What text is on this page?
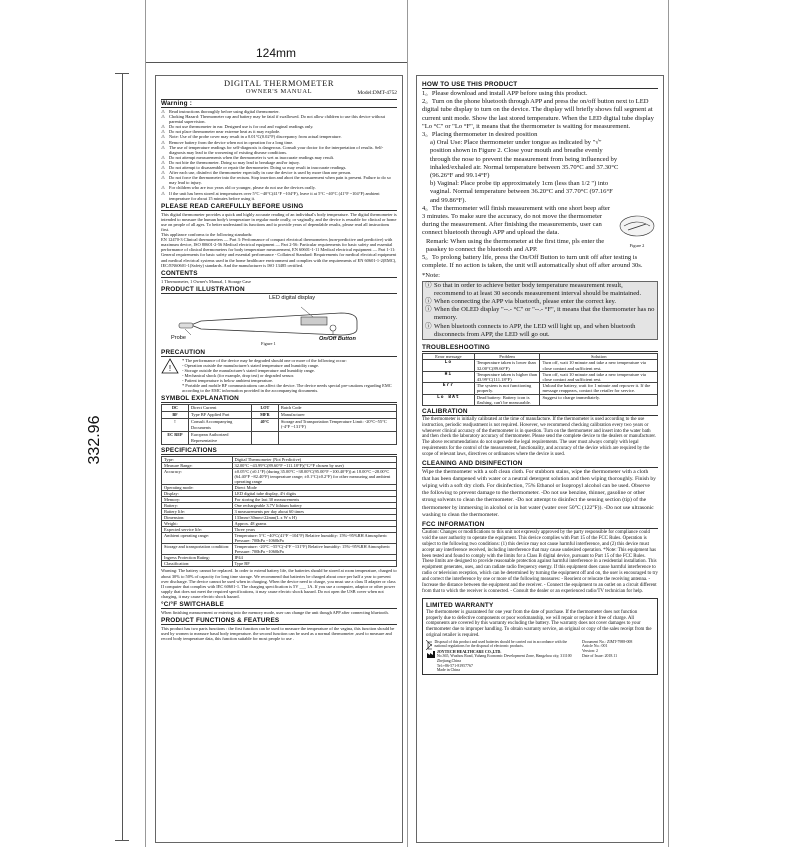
124mm
332.96
DIGITAL THERMOMETER
OWNER'S MANUAL	Model:DMT-4752
Warning :
⚠ Read instructions thoroughly before using digital thermometer.
⚠ Choking Hazard: Thermometer cap and battery may be fatal if swallowed. Do not allow children to use this device without parental supervision.
⚠ Do not use thermometer in ear. Designed use is for oral and vaginal readings only.
⚠ Do not place thermometer near extreme heat as it may explode.
⚠ Note: Use of the probe cover may result in a 0.01°C(0.02°F) discrepancy from actual temperature.
⚠ Remove battery from the device when not in operation for a long time.
⚠ The use of temperature readings for self-diagnosis is dangerous. Consult your doctor for the interpretation of results. Self-diagnosis may lead to the worsening of existing disease conditions.
⚠ Do not attempt measurements when the thermometer is wet as inaccurate readings may result.
⚠ Do not bite the thermometer. Doing so may lead to breakage and/or injury.
⚠ Do not attempt to disassemble or repair the thermometer. Doing so may result in inaccurate readings.
⚠ After each use, disinfect the thermometer especially in case the device is used by more than one person.
⚠ Do not force the thermometer into the rectum. Stop insertion and abort the measurement when pain is present. Failure to do so may lead to injury.
⚠ For children who are two years old or younger, please do not use the devices orally.
⚠ If the unit has been stored at temperatures over 5°C ~40°C(41°F ~104°F), leave it at 5°C ~40°C (41°F ~104°F) ambient temperature for about 15 minutes before using it.
PLEASE READ CAREFULLY BEFORE USING
This digital thermometer provides a quick and highly accurate reading of an individual's body temperature. The digital thermometer is intended to measure the human body's temperature in regular mode orally, or vaginally, and the device is reusable for clinical or home use on people of all ages. To better understand its functions and to provide years of dependable results, please read all instructions first.
This appliance conforms to the following standards:
EN 12470-3 Clinical thermometers — Part 3: Performance of compact electrical thermometers (non-predictive and predictive) with maximum device, ISO 80601-2-56 Medical electrical equipment — Part 2-56: Particular requirements for basic safety and essential performance of clinical thermometers for body temperature measurement, EN 60601-1-11 Medical electrical equipment — Part 1-11: General requirements for basic safety and essential performance - Collateral Standard: Requirements for medical electrical equipment and medical electrical systems used in the home healthcare environment and complies with the requirements of EN 60601-1-2(EMC), IEC/EN60601-1(Safety) standards. And the manufacturer is ISO 13485 certified.
CONTENTS
1 Thermometer, 1 Owner's Manual, 1 Storage Case
PRODUCT ILLUSTRATION
LED digital display
Probe	On/Off Button
Figure 1
PRECAUTION
!
* The performance of the device may be degraded should one or more of the following occur:
- Operation outside the manufacturer's stated temperature and humidity range.
- Storage outside the manufacturer's stated temperature and humidity range.
- Mechanical shock (for example, drop test) or degraded sensor.
- Patient temperature is below ambient temperature.
* Portable and mobile RF communications can affect the device. The device needs special pre-cautions regarding EMC according to the EMC information provided in the accompanying documents.
SYMBOL EXPLANATION
DC	Direct Current	LOT	Batch Code
BF	Type BF Applied Part	MFR	Manufacturer
!	Consult Accompanying Documents	40°C	Storage and Transportation Temperature Limit: -20°C~55°C (-4°F ~131°F)
EC REP	European Authorized Representative		
SPECIFICATIONS
Type:	Digital Thermometer (Not Predictive)
Measure Range:	32.00°C ~43.99°C(89.60°F ~111.18°F)(°C/°F chosen by user)
Accuracy:	±0.05°C (±0.1°F) (during 35.00°C ~38.00°C(95.00°F ~100.40°F)) at 18.00°C ~28.00°C (64.40°F ~82.40°F) temperature range; ±0.1°C(±0.2°F) for other measuring and ambient operating range
Operating mode:	Direct Mode
Display:	LED digital tube display, 4½ digits
Memory:	For storing the last 30 measurements
Battery:	One rechargeable 3.7V lithium battery
Battery life:	3 measurements per day about 60 times
Dimension:	133mm×30mm×22mm(L x W x H)
Weight:	Approx. 48 grams
Expected service life:	Three years
Ambient operating range:	Temperature: 5°C ~40°C(41°F ~104°F) Relative humidity: 15%~95%RH Atmospheric Pressure: 700hPa ~1060hPa
Storage and transportation condition:	Temperature: -20°C ~55°C(-4°F ~131°F) Relative humidity: 15%~95%RH Atmospheric Pressure: 700hPa ~1060hPa
Ingress Protection Rating:	IP44
Classification:	Type BF
Warning: The battery cannot be replaced. In order to extend battery life, the batteries should be stored at room temperature, charged to about 30% to 50% of capacity for long time storage. We recommend that batteries be charged about once per half a year to prevent over discharge. The device cannot be used when in charging. When the device need to charge, you must use a class II adapter or class II computer that complies with IEC 60601-1. The charging specification is 5V ___ 1A. If you use a computer, adaptor or other power supply that does not meet the required specifications, it may cause electric shock hazard. Do not open the USB cover when not charging, it may cause electric shock hazard.
°C/°F SWITCHABLE
When finishing measurement or entering into the memory mode, user can change the unit though APP after connecting bluetooth.
PRODUCT FUNCTIONS & FEATURES
This product has two parts functions : the first function can be used to measure the temperature of the vagina, this function should be used by women to measure basal body temperature. the second function can be used as a normal thermometer ,used to measure and record body temperature data, this function suitable for most people to use .
HOW TO USE THIS PRODUCT
1。Please download and install APP before using this product.
2。Turn on the phone bluetooth through APP and press the on/off button next to LED digital tube display to turn on the device. The display will briefly shows full segment at current unit mode. Show the last stored temperature. When the LED digital tube display "Lo °C" or "Lo °F", it means that the thermometer is waiting for measurement.
3。Placing thermometer in desired position
a) Oral Use: Place thermometer under tongue as indicated by "√" position shown in Figure 2. Close your mouth and breathe evenly through the nose to prevent the measurement from being influenced by inhaled/exhaled air. Normal temperature between 35.70°C and 37.30°C (96.26°F and 99.14°F)
b) Vaginal: Place probe tip approximately 1cm (less than 1/2 ") into vaginal. Normal temperature between 36.20°C and 37.70°C (97.16°F and 99.86°F).
4。The thermometer will finish measurement with one short beep after 3 minutes. To make sure the accuracy, do not move the thermometer during the measurement. After finishing the measurements, user can connect bluetooth through APP and upload the data.
Remark: When using the thermometer at the first time, pls enter the passkey to connect the bluetooth and APP.
5。To prolong battery life, press the On/Off Button to turn unit off after testing is complete. If no action is taken, the unit will automatically shut off after around 30s.
Figure 2
*Note:
ⓘ So that in order to achieve better body temperature measurement result, recommend to at least 30 seconds measurement interval should be maintained.
ⓘ When connecting the APP via bluetooth, please enter the correct key.
ⓘ When the OLED display "--.- °C" or "--.- °F", it means that the thermometer has no memory.
ⓘ When bluetooth connects to APP, the LED will light up, and when bluetooth disconnects from APP, the LED will go out.
TROUBLESHOOTING
Error message	Problem	Solution
Lo	Temperature taken is lower than 32.00°C(89.60°F)	Turn off, wait 10 minute and take a new temperature via close contact and sufficient rest.
Hi	Temperature taken is higher than 43.99°C(111.18°F)	Turn off, wait 10 minute and take a new temperature via close contact and sufficient rest.
Err	The system is not functioning properly.	Unload the battery, wait for 1 minute and repower it. If the message reappears, contact the retailer for service.
Lo BAt	Dead battery: Battery icon is flashing, can't be measurable.	Suggest to charge immediately.
CALIBRATION
The thermometer is initially calibrated at the time of manufacture. If the thermometer is used according to the use instruction, periodic readjustment is not required. However, we recommend checking calibration every two years or whenever clinical accuracy of the thermometer is in question. Turn on the thermometer and insert into the water bath and then check the laboratory accuracy of thermometer. Please send the complete device to the dealers or manufacturer. The above recommendations do not supersede the legal requirements. The user must always comply with legal requirements for the control of the measurement, functionality, and accuracy of the device which are required by the scope of relevant laws, directives or ordinances where the device is used.
CLEANING AND DISINFECTION
Wipe the thermometer with a soft clean cloth. For stubborn stains, wipe the thermometer with a cloth that has been dampened with water or a neutral detergent solution and then wiping thoroughly. Finish by wiping with a soft dry cloth. For disinfection, 75% Ethanol or Isopropyl alcohol can be used. Observe the following to prevent damage to the thermometer. -Do not use benzine, thinner, gasoline or other strong solvents to clean the thermometer. -Do not attempt to disinfect the sensing section (tip) of the thermometer by immersing in alcohol or in hot water (water over 50°C (122°F)). -Do not use ultrasonic washing to clean the thermometer.
FCC INFORMATION
Caution: Changes or modifications to this unit not expressly approved by the party responsible for compliance could void the user authority to operate the equipment. This device complies with Part 15 of the FCC Rules. Operation is subject to the following two conditions: (1) this device may not cause harmful interference, and (2) this device must accept any interference received, including interference that may cause undesired operation. *Note: This equipment has been tested and found to comply with the limits for a Class B digital device, pursuant to Part 15 of the FCC Rules. These limits are designed to provide reasonable protection against harmful interference in a residential installation. This equipment generates, uses, and can radiate radio frequency energy. If this equipment does cause harmful interference to radio or television reception, which can be determined by turning the equipment off and on, the user is encouraged to try and correct the interference by one or more of the following measures: - Reorient or relocate the receiving antenna. - Increase the distance between the equipment and the receiver. - Connect the equipment to an outlet on a circuit different from that to which the receiver is connected. - Consult the dealer or an experienced radio/TV technician for help.
LIMITED WARRANTY
The thermometer is guaranteed for one year from the date of purchase. If the thermometer does not function properly due to defective components or poor workmanship, we will repair or replace it free of charge. All components are covered by this warranty excluding the battery. The warranty does not cover damages to your thermometer due to improper handling. To obtain warranty service, an original or copy of the sales receipt from the original retailer is required.
Disposal of this product and used batteries should be carried out in accordance with the national regulations for the disposal of electronic products.
JOYTECH HEALTHCARE CO.,LTD.
No.365, Wuzhou Road, Yuhang Economic Development Zone, Hangzhou city, 311100 Zhejiang,China
Tel:+86-571-81957767
Made in China
Document No.: ZIMT-7988-008
Article No.: 001
Version: 2
Date of Issue: 2018.11
